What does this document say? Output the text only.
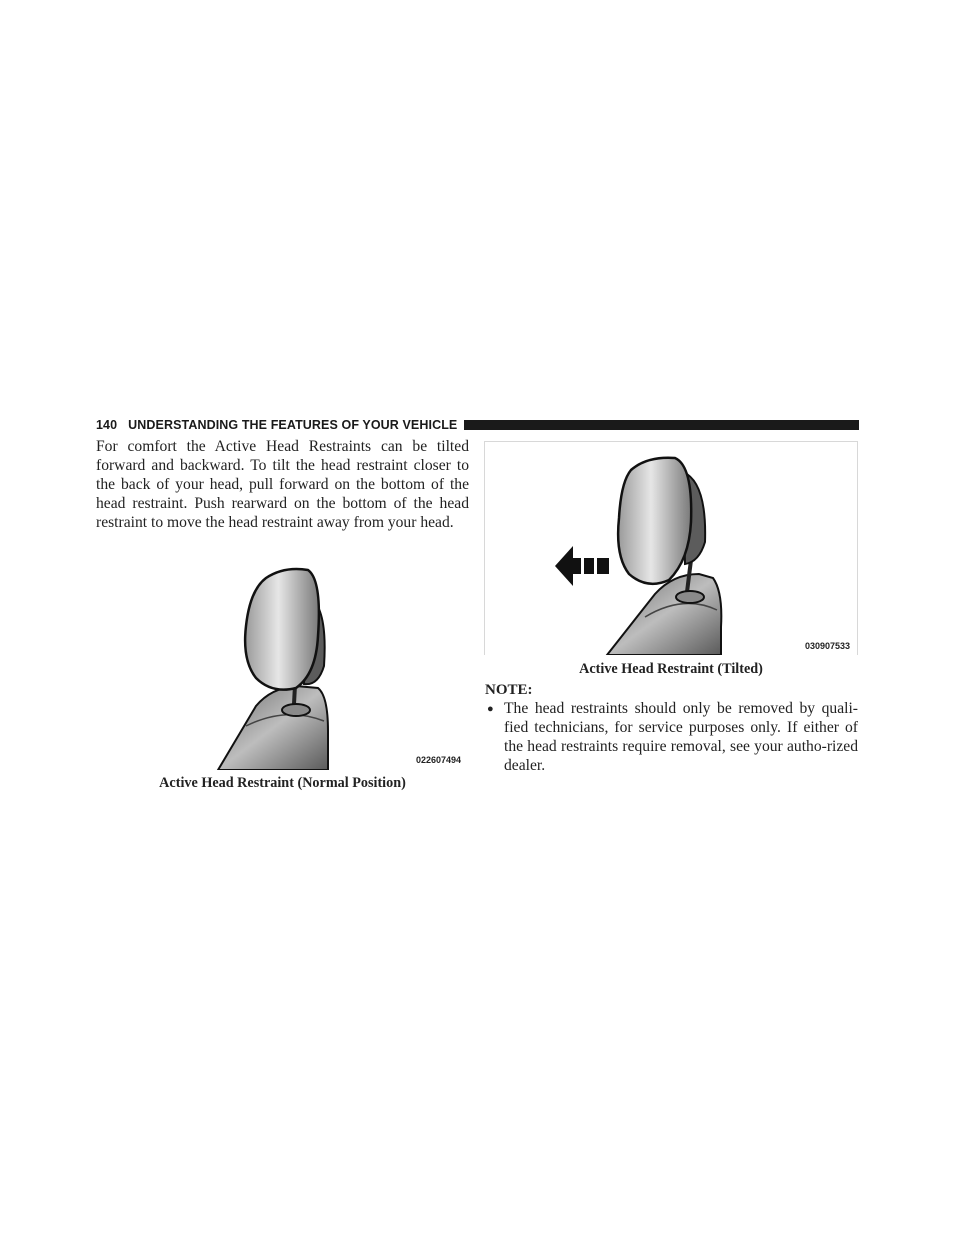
140 UNDERSTANDING THE FEATURES OF YOUR VEHICLE

For comfort the Active Head Restraints can be tilted forward and backward. To tilt the head restraint closer to the back of your head, pull forward on the bottom of the head restraint. Push rearward on the bottom of the head restraint to move the head restraint away from your head.

022607494
Active Head Restraint (Normal Position)
030907533
Active Head Restraint (Tilted)
NOTE:
● The head restraints should only be removed by quali-fied technicians, for service purposes only. If either of the head restraints require removal, see your autho-rized dealer.
